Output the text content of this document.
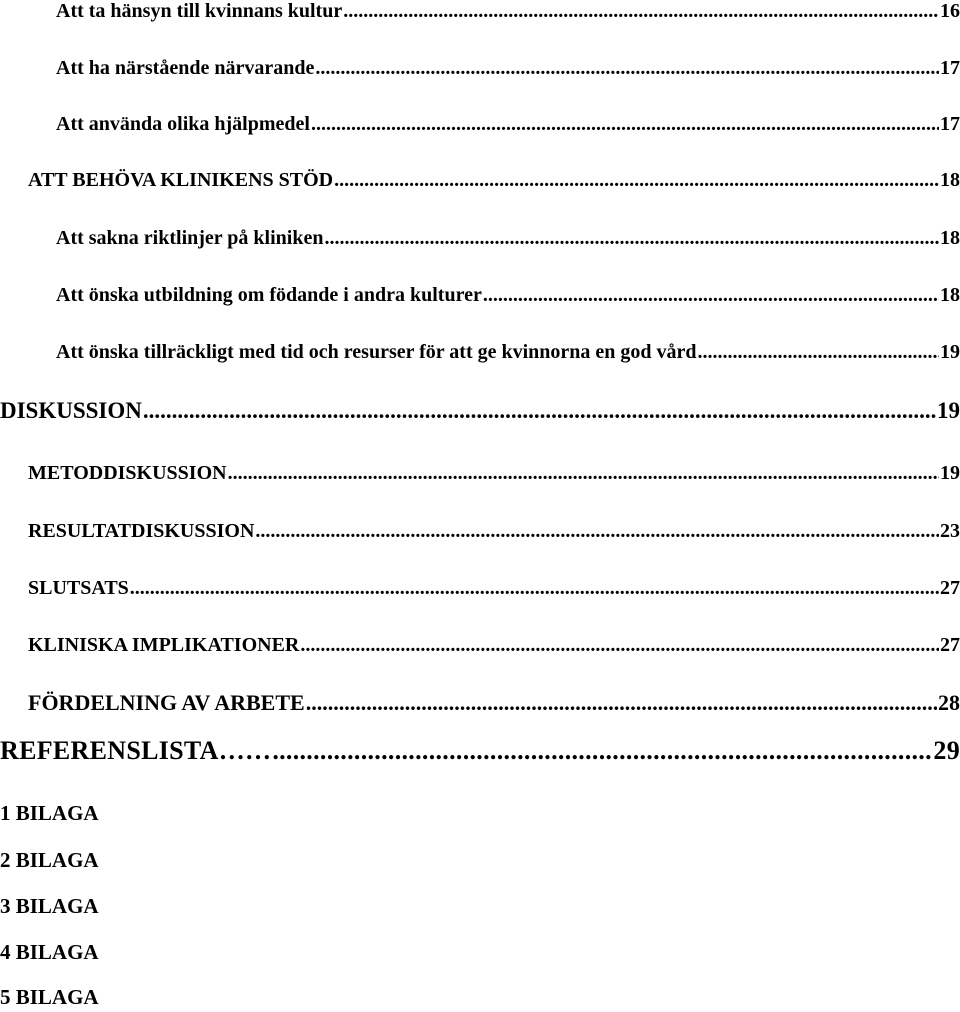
Att ta hänsyn till kvinnans kultur .....	16
Att ha närstående närvarande .....	17
Att använda olika hjälpmedel .....	17
ATT BEHÖVA KLINIKENS STÖD .....	18
Att sakna riktlinjer på kliniken .....	18
Att önska utbildning om födande i andra kulturer .....	18
Att önska tillräckligt med tid och resurser för att ge kvinnorna en god vård .....	19
DISKUSSION .....	19
METODDISKUSSION .....	19
RESULTATDISKUSSION .....	23
SLUTSATS .....	27
KLINISKA IMPLIKATIONER .....	27
FÖRDELNING AV ARBETE .....	28
REFERENSLISTA…… .....	29
1 BILAGA
2 BILAGA
3 BILAGA
4 BILAGA
5 BILAGA
